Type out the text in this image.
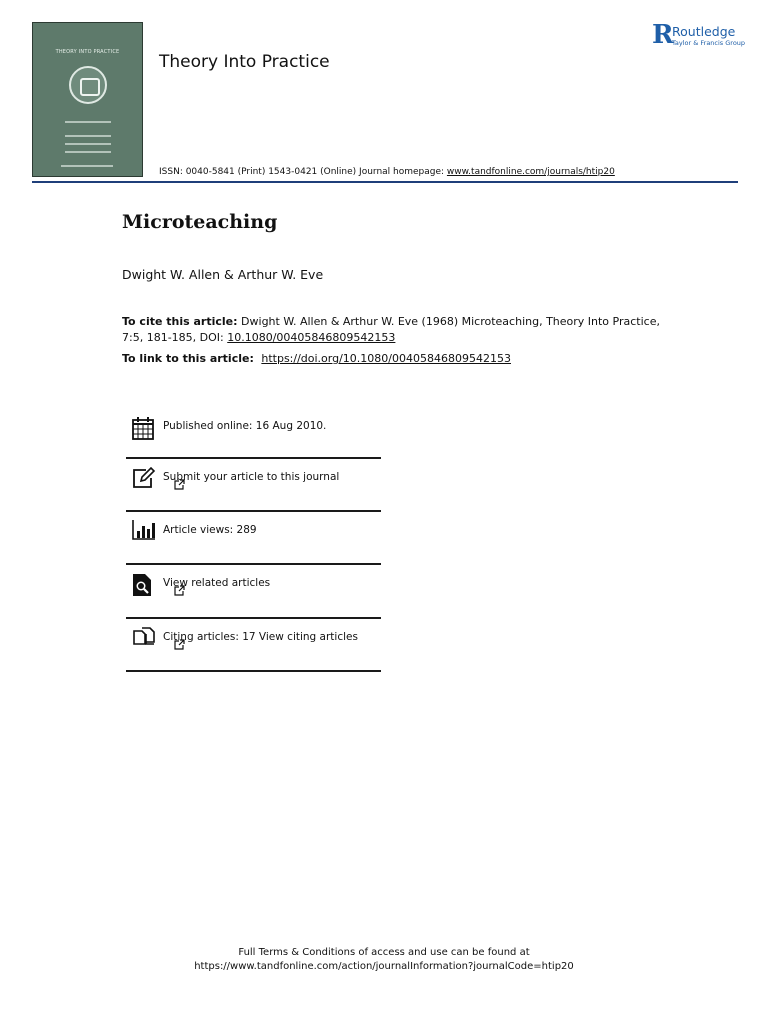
THEORY INTO PRACTICE	Theory Into Practice
R
Routledge
Taylor & Francis Group
ISSN: 0040-5841 (Print) 1543-0421 (Online) Journal homepage: www.tandfonline.com/journals/htip20
Microteaching
Dwight W. Allen & Arthur W. Eve
To cite this article: Dwight W. Allen & Arthur W. Eve (1968) Microteaching, Theory Into Practice, 7:5, 181-185, DOI: 10.1080/00405846809542153
To link to this article: https://doi.org/10.1080/00405846809542153
Published online: 16 Aug 2010.
Submit your article to this journal
Article views: 289
View related articles
Citing articles: 17 View citing articles
Full Terms & Conditions of access and use can be found at
https://www.tandfonline.com/action/journalInformation?journalCode=htip20
